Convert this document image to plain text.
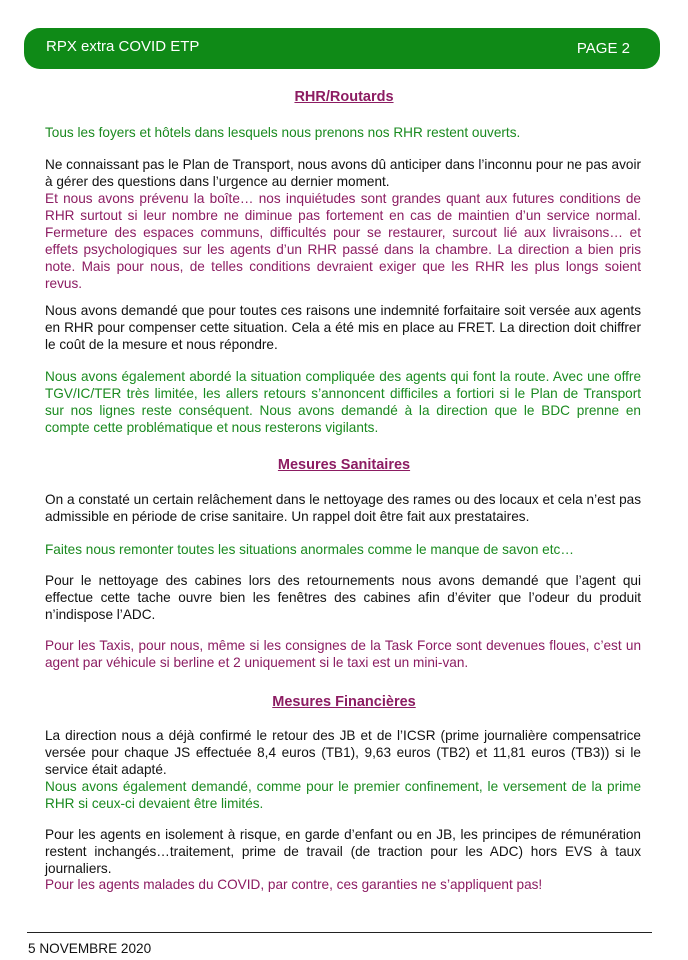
RPX extra COVID ETP	PAGE 2
RHR/Routards
Tous les foyers et hôtels dans lesquels nous prenons nos RHR restent ouverts.
Ne connaissant pas le Plan de Transport, nous avons dû anticiper dans l’inconnu pour ne pas avoir à gérer des questions dans l’urgence au dernier moment.
Et nous avons prévenu la boîte… nos inquiétudes sont grandes quant aux futures conditions de RHR surtout si leur nombre ne diminue pas fortement en cas de maintien d’un service normal. Fermeture des espaces communs, difficultés pour se restaurer, surcout lié aux livraisons… et effets psychologiques sur les agents d’un RHR passé dans la chambre. La direction a bien pris note. Mais pour nous, de telles conditions devraient exiger que les RHR les plus longs soient revus.
Nous avons demandé que pour toutes ces raisons une indemnité forfaitaire soit versée aux agents en RHR pour compenser cette situation. Cela a été mis en place au FRET. La direction doit chiffrer le coût de la mesure et nous répondre.
Nous avons également abordé la situation compliquée des agents qui font la route. Avec une offre TGV/IC/TER très limitée, les allers retours s’annoncent difficiles a fortiori si le Plan de Transport sur nos lignes reste conséquent. Nous avons demandé à la direction que le BDC prenne en compte cette problématique et nous resterons vigilants.
Mesures Sanitaires
On a constaté un certain relâchement dans le nettoyage des rames ou des locaux et cela n’est pas admissible en période de crise sanitaire. Un rappel doit être fait aux prestataires.
Faites nous remonter toutes les situations anormales comme le manque de savon etc…
Pour le nettoyage des cabines lors des retournements nous avons demandé que l’agent qui effectue cette tache ouvre bien les fenêtres des cabines afin d’éviter que l’odeur du produit n’indispose l’ADC.
Pour les Taxis, pour nous, même si les consignes de la Task Force sont devenues floues, c’est un agent par véhicule si berline et 2 uniquement si le taxi est un mini-van.
Mesures Financières
La direction nous a déjà confirmé le retour des JB et de l’ICSR (prime journalière compensatrice versée pour chaque JS effectuée 8,4 euros (TB1), 9,63 euros (TB2) et 11,81 euros (TB3)) si le service était adapté.
Nous avons également demandé, comme pour le premier confinement, le versement de la prime RHR si ceux-ci devaient être limités.
Pour les agents en isolement à risque, en garde d’enfant ou en JB, les principes de rémunération restent inchangés…traitement, prime de travail (de traction pour les ADC) hors EVS à taux journaliers.
Pour les agents malades du COVID, par contre, ces garanties ne s’appliquent pas!
5 NOVEMBRE 2020
